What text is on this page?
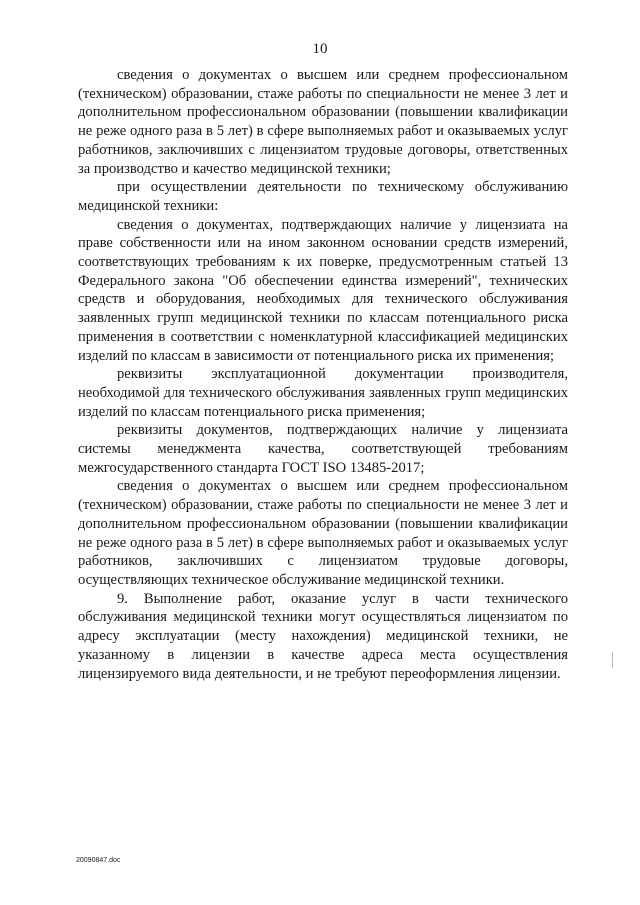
10

сведения о документах о высшем или среднем профессиональном (техническом) образовании, стаже работы по специальности не менее 3 лет и дополнительном профессиональном образовании (повышении квалификации не реже одного раза в 5 лет) в сфере выполняемых работ и оказываемых услуг работников, заключивших с лицензиатом трудовые договоры, ответственных за производство и качество медицинской техники;

при осуществлении деятельности по техническому обслуживанию медицинской техники:

сведения о документах, подтверждающих наличие у лицензиата на праве собственности или на ином законном основании средств измерений, соответствующих требованиям к их поверке, предусмотренным статьей 13 Федерального закона "Об обеспечении единства измерений", технических средств и оборудования, необходимых для технического обслуживания заявленных групп медицинской техники по классам потенциального риска применения в соответствии с номенклатурной классификацией медицинских изделий по классам в зависимости от потенциального риска их применения;

реквизиты эксплуатационной документации производителя, необходимой для технического обслуживания заявленных групп медицинских изделий по классам потенциального риска применения;

реквизиты документов, подтверждающих наличие у лицензиата системы менеджмента качества, соответствующей требованиям межгосударственного стандарта ГОСТ ISO 13485-2017;

сведения о документах о высшем или среднем профессиональном (техническом) образовании, стаже работы по специальности не менее 3 лет и дополнительном профессиональном образовании (повышении квалификации не реже одного раза в 5 лет) в сфере выполняемых работ и оказываемых услуг работников, заключивших с лицензиатом трудовые договоры, осуществляющих техническое обслуживание медицинской техники.

9. Выполнение работ, оказание услуг в части технического обслуживания медицинской техники могут осуществляться лицензиатом по адресу эксплуатации (месту нахождения) медицинской техники, не указанному в лицензии в качестве адреса места осуществления лицензируемого вида деятельности, и не требуют переоформления лицензии.

20090847.doc
